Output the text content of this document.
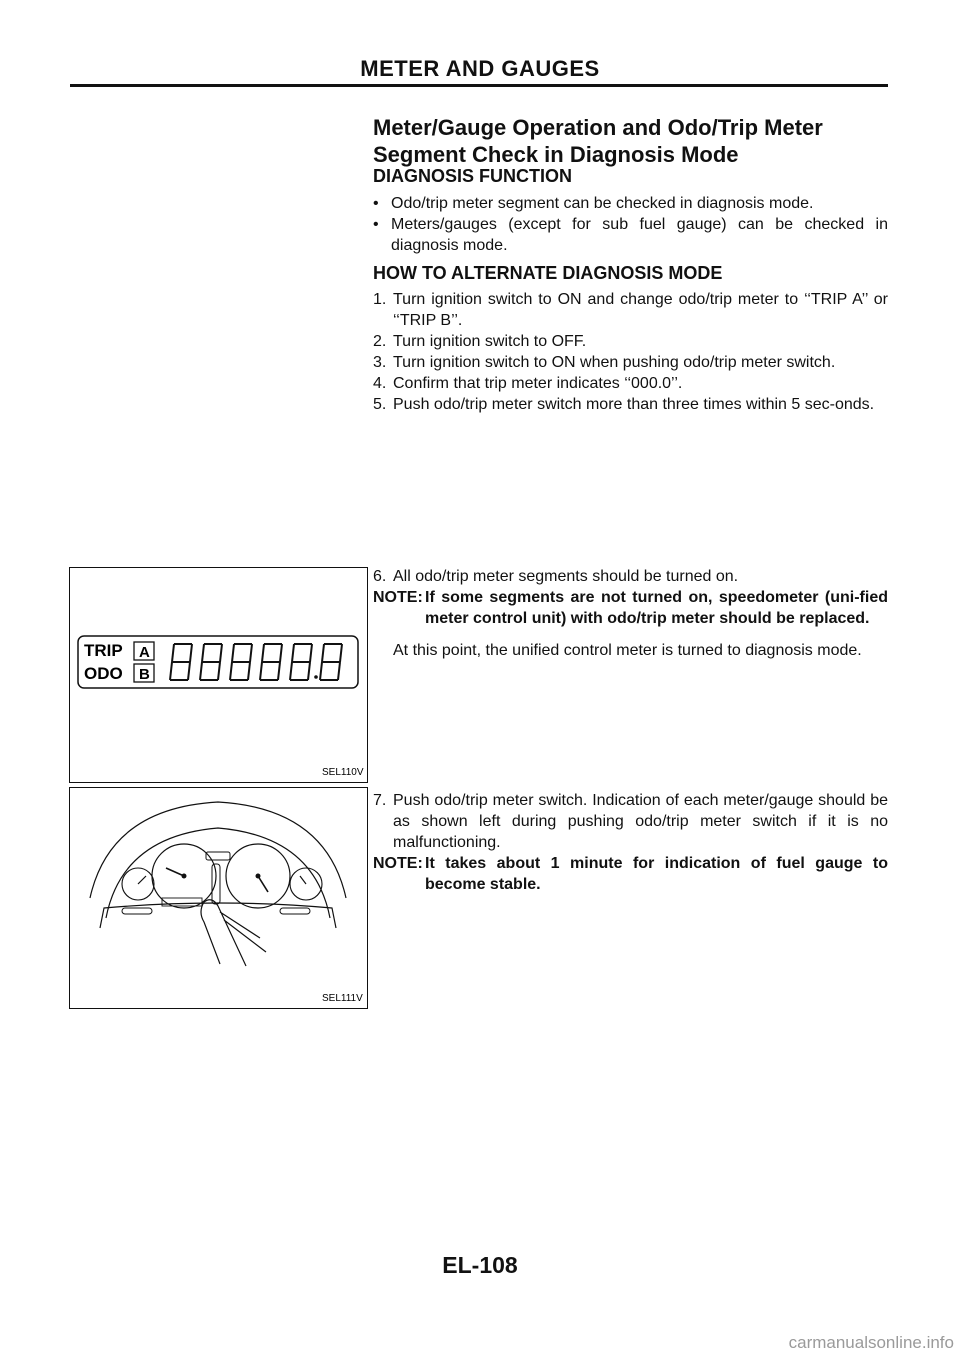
METER AND GAUGES
Meter/Gauge Operation and Odo/Trip Meter
Segment Check in Diagnosis Mode
DIAGNOSIS FUNCTION
• Odo/trip meter segment can be checked in diagnosis mode.
• Meters/gauges (except for sub fuel gauge) can be checked in diagnosis mode.
HOW TO ALTERNATE DIAGNOSIS MODE
1. Turn ignition switch to ON and change odo/trip meter to ‘‘TRIP A’’ or ‘‘TRIP B’’.
2. Turn ignition switch to OFF.
3. Turn ignition switch to ON when pushing odo/trip meter switch.
4. Confirm that trip meter indicates ‘‘000.0’’.
5. Push odo/trip meter switch more than three times within 5 sec-onds.
TRIP
ODO
A
B
SEL110V
6. All odo/trip meter segments should be turned on.
NOTE: If some segments are not turned on, speedometer (uni-fied meter control unit) with odo/trip meter should be replaced.
At this point, the unified control meter is turned to diagnosis mode.
SEL111V
7. Push odo/trip meter switch. Indication of each meter/gauge should be as shown left during pushing odo/trip meter switch if it is no malfunctioning.
NOTE: It takes about 1 minute for indication of fuel gauge to become stable.
EL-108
carmanualsonline.info
